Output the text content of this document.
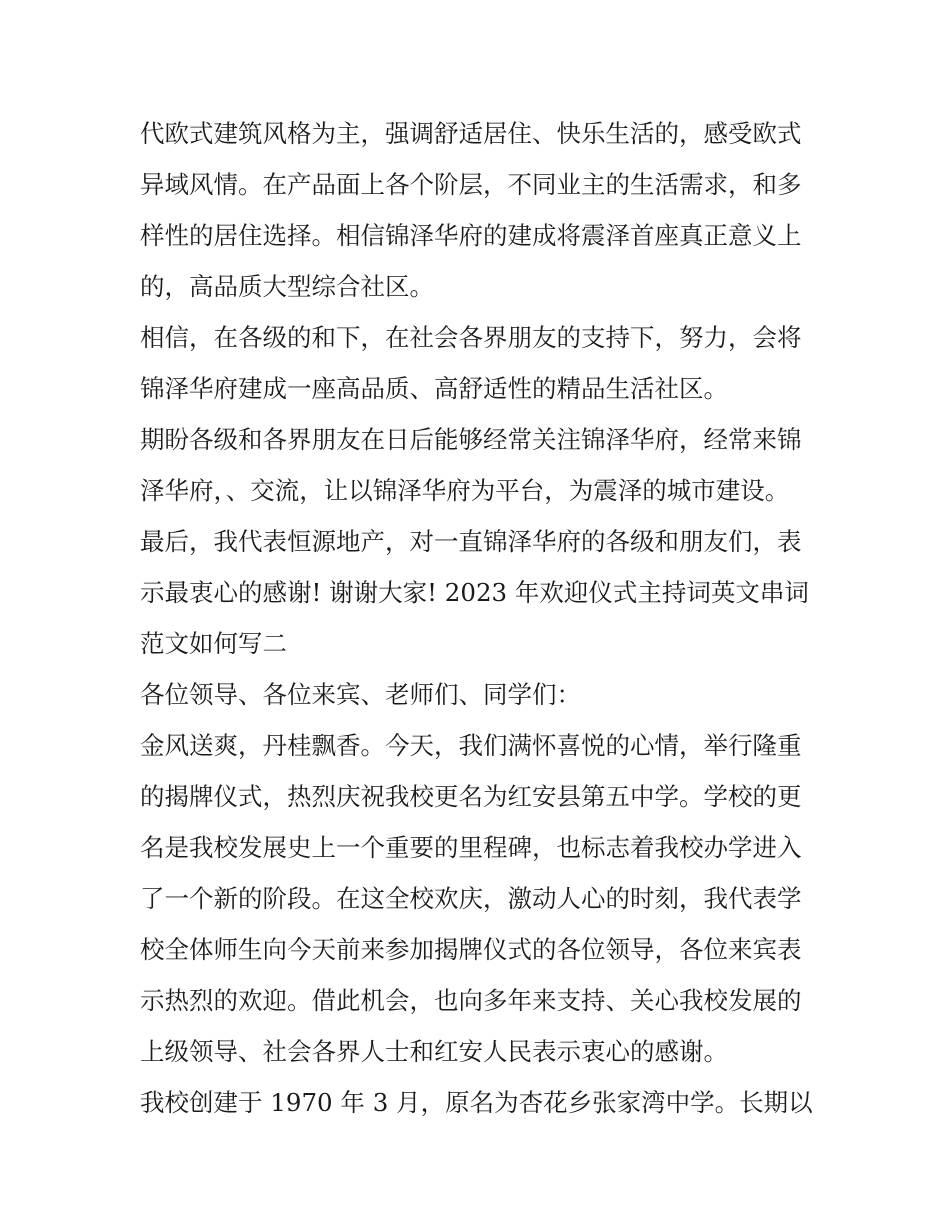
代欧式建筑风格为主，强调舒适居住、快乐生活的，感受欧式
异域风情。在产品面上各个阶层，不同业主的生活需求，和多
样性的居住选择。相信锦泽华府的建成将震泽首座真正意义上
的，高品质大型综合社区。
相信，在各级的和下，在社会各界朋友的支持下，努力，会将
锦泽华府建成一座高品质、高舒适性的精品生活社区。
期盼各级和各界朋友在日后能够经常关注锦泽华府，经常来锦
泽华府，、交流，让以锦泽华府为平台，为震泽的城市建设。
最后，我代表恒源地产，对一直锦泽华府的各级和朋友们，表
示最衷心的感谢! 谢谢大家! 2023 年欢迎仪式主持词英文串词
范文如何写二
各位领导、各位来宾、老师们、同学们：
金风送爽，丹桂飘香。今天，我们满怀喜悦的心情，举行隆重
的揭牌仪式，热烈庆祝我校更名为红安县第五中学。学校的更
名是我校发展史上一个重要的里程碑，也标志着我校办学进入
了一个新的阶段。在这全校欢庆，激动人心的时刻，我代表学
校全体师生向今天前来参加揭牌仪式的各位领导，各位来宾表
示热烈的欢迎。借此机会，也向多年来支持、关心我校发展的
上级领导、社会各界人士和红安人民表示衷心的感谢。
我校创建于 1970 年 3 月，原名为杏花乡张家湾中学。长期以
